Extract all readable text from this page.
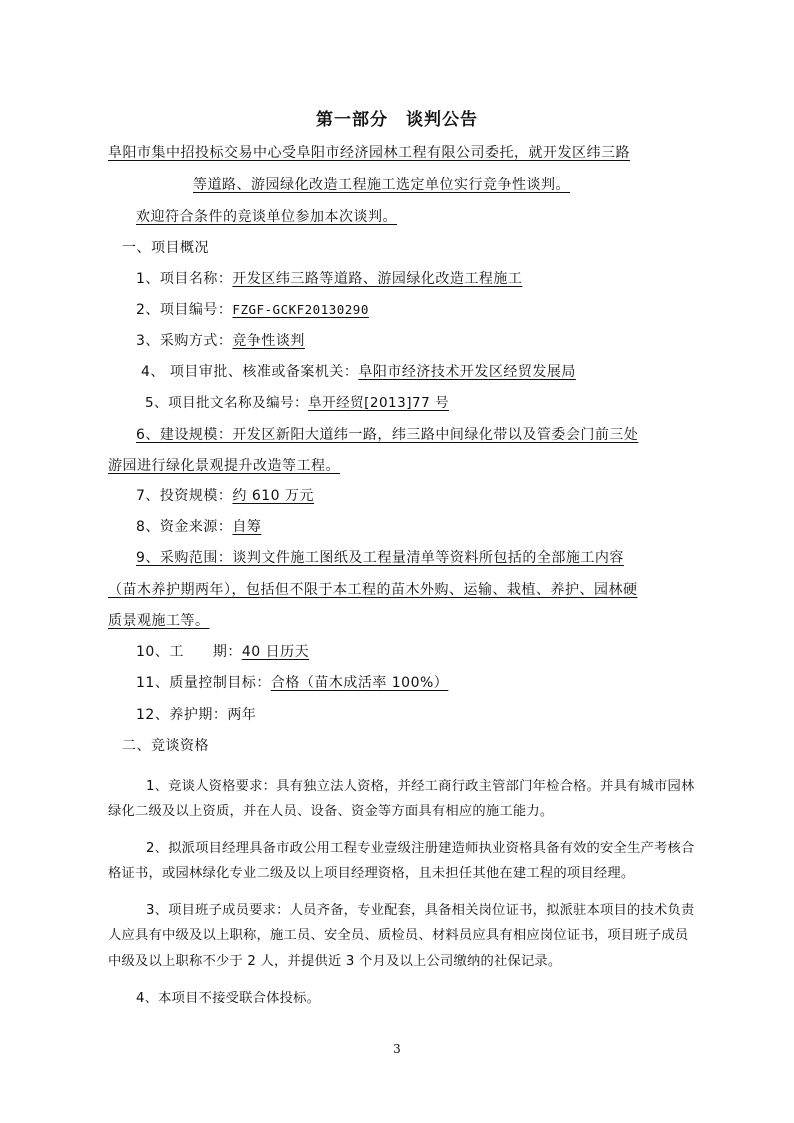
第一部分　谈判公告
阜阳市集中招投标交易中心受阜阳市经济园林工程有限公司委托，就开发区纬三路
等道路、游园绿化改造工程施工选定单位实行竞争性谈判。
欢迎符合条件的竞谈单位参加本次谈判。
一、项目概况
1、项目名称：开发区纬三路等道路、游园绿化改造工程施工
2、项目编号：FZGF-GCKF20130290
3、采购方式：竞争性谈判
4、 项目审批、核准或备案机关：阜阳市经济技术开发区经贸发展局
5、项目批文名称及编号：阜开经贸[2013]77 号
6、建设规模：开发区新阳大道纬一路，纬三路中间绿化带以及管委会门前三处
游园进行绿化景观提升改造等工程。
7、投资规模：约 610 万元
8、资金来源：自筹
9、采购范围：谈判文件施工图纸及工程量清单等资料所包括的全部施工内容
（苗木养护期两年），包括但不限于本工程的苗木外购、运输、栽植、养护、园林硬
质景观施工等。
10、工　　期：40 日历天
11、质量控制目标：合格（苗木成活率 100%）
12、养护期：两年
二、竞谈资格
1、竞谈人资格要求：具有独立法人资格，并经工商行政主管部门年检合格。并具有城市园林
绿化二级及以上资质，并在人员、设备、资金等方面具有相应的施工能力。
2、拟派项目经理具备市政公用工程专业壹级注册建造师执业资格具备有效的安全生产考核合
格证书，或园林绿化专业二级及以上项目经理资格，且未担任其他在建工程的项目经理。
3、项目班子成员要求：人员齐备，专业配套，具备相关岗位证书，拟派驻本项目的技术负责
人应具有中级及以上职称，施工员、安全员、质检员、材料员应具有相应岗位证书，项目班子成员
中级及以上职称不少于 2 人，并提供近 3 个月及以上公司缴纳的社保记录。
4、本项目不接受联合体投标。
3
